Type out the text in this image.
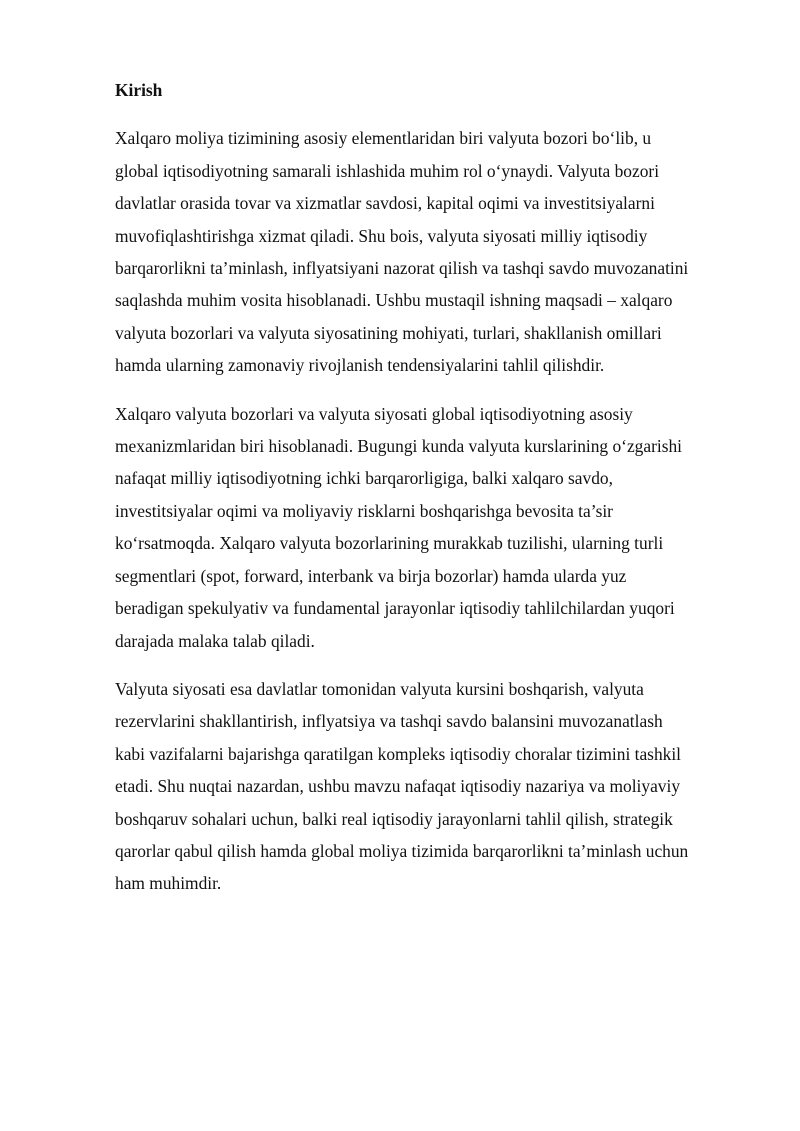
Kirish
Xalqaro moliya tizimining asosiy elementlaridan biri valyuta bozori bo‘lib, u
global iqtisodiyotning samarali ishlashida muhim rol o‘ynaydi. Valyuta bozori
davlatlar orasida tovar va xizmatlar savdosi, kapital oqimi va investitsiyalarni
muvofiqlashtirishga xizmat qiladi. Shu bois, valyuta siyosati milliy iqtisodiy
barqarorlikni ta’minlash, inflyatsiyani nazorat qilish va tashqi savdo muvozanatini
saqlashda muhim vosita hisoblanadi. Ushbu mustaqil ishning maqsadi – xalqaro
valyuta bozorlari va valyuta siyosatining mohiyati, turlari, shakllanish omillari
hamda ularning zamonaviy rivojlanish tendensiyalarini tahlil qilishdir.
Xalqaro valyuta bozorlari va valyuta siyosati global iqtisodiyotning asosiy
mexanizmlaridan biri hisoblanadi. Bugungi kunda valyuta kurslarining o‘zgarishi
nafaqat milliy iqtisodiyotning ichki barqarorligiga, balki xalqaro savdo,
investitsiyalar oqimi va moliyaviy risklarni boshqarishga bevosita ta’sir
ko‘rsatmoqda. Xalqaro valyuta bozorlarining murakkab tuzilishi, ularning turli
segmentlari (spot, forward, interbank va birja bozorlar) hamda ularda yuz
beradigan spekulyativ va fundamental jarayonlar iqtisodiy tahlilchilardan yuqori
darajada malaka talab qiladi.
Valyuta siyosati esa davlatlar tomonidan valyuta kursini boshqarish, valyuta
rezervlarini shakllantirish, inflyatsiya va tashqi savdo balansini muvozanatlash
kabi vazifalarni bajarishga qaratilgan kompleks iqtisodiy choralar tizimini tashkil
etadi. Shu nuqtai nazardan, ushbu mavzu nafaqat iqtisodiy nazariya va moliyaviy
boshqaruv sohalari uchun, balki real iqtisodiy jarayonlarni tahlil qilish, strategik
qarorlar qabul qilish hamda global moliya tizimida barqarorlikni ta’minlash uchun
ham muhimdir.
